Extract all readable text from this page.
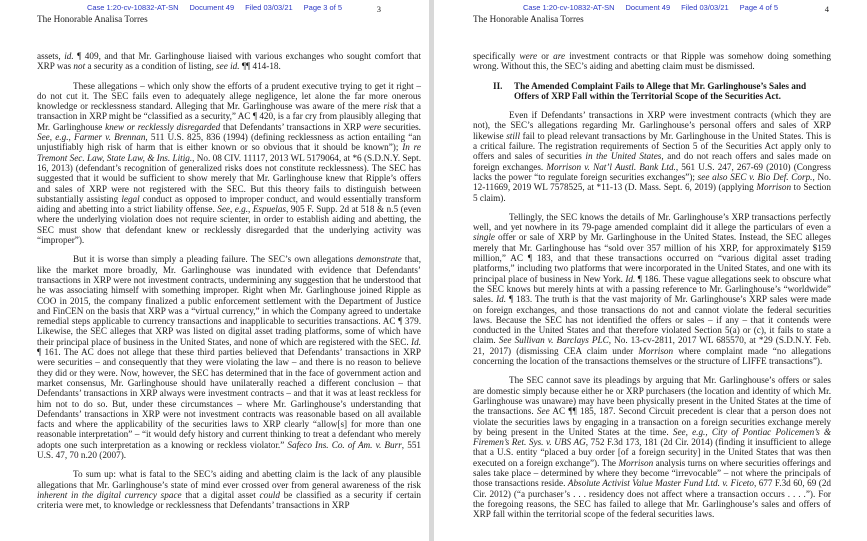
Case 1:20-cv-10832-AT-SN Document 49 Filed 03/03/21 Page 3 of 5	3
The Honorable Analisa Torres
assets, id. ¶ 409, and that Mr. Garlinghouse liaised with various exchanges who sought comfort that XRP was not a security as a condition of listing, see id. ¶¶ 414-18.
These allegations – which only show the efforts of a prudent executive trying to get it right – do not cut it. The SEC fails even to adequately allege negligence, let alone the far more onerous knowledge or recklessness standard. Alleging that Mr. Garlinghouse was aware of the mere risk that a transaction in XRP might be “classified as a security,” AC ¶ 420, is a far cry from plausibly alleging that Mr. Garlinghouse knew or recklessly disregarded that Defendants’ transactions in XRP were securities. See, e.g., Farmer v. Brennan, 511 U.S. 825, 836 (1994) (defining recklessness as action entailing “an unjustifiably high risk of harm that is either known or so obvious that it should be known”); In re Tremont Sec. Law, State Law, & Ins. Litig., No. 08 CIV. 11117, 2013 WL 5179064, at *6 (S.D.N.Y. Sept. 16, 2013) (defendant’s recognition of generalized risks does not constitute recklessness). The SEC has suggested that it would be sufficient to show merely that Mr. Garlinghouse knew that Ripple’s offers and sales of XRP were not registered with the SEC. But this theory fails to distinguish between substantially assisting legal conduct as opposed to improper conduct, and would essentially transform aiding and abetting into a strict liability offense. See, e.g., Espuelas, 905 F. Supp. 2d at 518 & n.5 (even where the underlying violation does not require scienter, in order to establish aiding and abetting, the SEC must show that defendant knew or recklessly disregarded that the underlying activity was “improper”).
But it is worse than simply a pleading failure. The SEC’s own allegations demonstrate that, like the market more broadly, Mr. Garlinghouse was inundated with evidence that Defendants’ transactions in XRP were not investment contracts, undermining any suggestion that he understood that he was associating himself with something improper. Right when Mr. Garlinghouse joined Ripple as COO in 2015, the company finalized a public enforcement settlement with the Department of Justice and FinCEN on the basis that XRP was a “virtual currency,” in which the Company agreed to undertake remedial steps applicable to currency transactions and inapplicable to securities transactions. AC ¶ 379. Likewise, the SEC alleges that XRP was listed on digital asset trading platforms, some of which have their principal place of business in the United States, and none of which are registered with the SEC. Id. ¶ 161. The AC does not allege that these third parties believed that Defendants’ transactions in XRP were securities – and consequently that they were violating the law – and there is no reason to believe they did or they were. Now, however, the SEC has determined that in the face of government action and market consensus, Mr. Garlinghouse should have unilaterally reached a different conclusion – that Defendants’ transactions in XRP always were investment contracts – and that it was at least reckless for him not to do so. But, under these circumstances – where Mr. Garlinghouse’s understanding that Defendants’ transactions in XRP were not investment contracts was reasonable based on all available facts and where the applicability of the securities laws to XRP clearly “allow[s] for more than one reasonable interpretation” – “it would defy history and current thinking to treat a defendant who merely adopts one such interpretation as a knowing or reckless violator.” Safeco Ins. Co. of Am. v. Burr, 551 U.S. 47, 70 n.20 (2007).
To sum up: what is fatal to the SEC’s aiding and abetting claim is the lack of any plausible allegations that Mr. Garlinghouse’s state of mind ever crossed over from general awareness of the risk inherent in the digital currency space that a digital asset could be classified as a security if certain criteria were met, to knowledge or recklessness that Defendants’ transactions in XRP
Case 1:20-cv-10832-AT-SN Document 49 Filed 03/03/21 Page 4 of 5	4
The Honorable Analisa Torres
specifically were or are investment contracts or that Ripple was somehow doing something wrong. Without this, the SEC’s aiding and abetting claim must be dismissed.
II. The Amended Complaint Fails to Allege that Mr. Garlinghouse’s Sales and Offers of XRP Fall within the Territorial Scope of the Securities Act.
Even if Defendants’ transactions in XRP were investment contracts (which they are not), the SEC’s allegations regarding Mr. Garlinghouse’s personal offers and sales of XRP likewise still fail to plead relevant transactions by Mr. Garlinghouse in the United States. This is a critical failure. The registration requirements of Section 5 of the Securities Act apply only to offers and sales of securities in the United States, and do not reach offers and sales made on foreign exchanges. Morrison v. Nat’l Austl. Bank Ltd., 561 U.S. 247, 267-69 (2010) (Congress lacks the power “to regulate foreign securities exchanges”); see also SEC v. Bio Def. Corp., No. 12-11669, 2019 WL 7578525, at *11-13 (D. Mass. Sept. 6, 2019) (applying Morrison to Section 5 claim).
Tellingly, the SEC knows the details of Mr. Garlinghouse’s XRP transactions perfectly well, and yet nowhere in its 79-page amended complaint did it allege the particulars of even a single offer or sale of XRP by Mr. Garlinghouse in the United States. Instead, the SEC alleges merely that Mr. Garlinghouse has “sold over 357 million of his XRP, for approximately $159 million,” AC ¶ 183, and that these transactions occurred on “various digital asset trading platforms,” including two platforms that were incorporated in the United States, and one with its principal place of business in New York. Id. ¶ 186. These vague allegations seek to obscure what the SEC knows but merely hints at with a passing reference to Mr. Garlinghouse’s “worldwide” sales. Id. ¶ 183. The truth is that the vast majority of Mr. Garlinghouse’s XRP sales were made on foreign exchanges, and those transactions do not and cannot violate the federal securities laws. Because the SEC has not identified the offers or sales – if any – that it contends were conducted in the United States and that therefore violated Section 5(a) or (c), it fails to state a claim. See Sullivan v. Barclays PLC, No. 13-cv-2811, 2017 WL 685570, at *29 (S.D.N.Y. Feb. 21, 2017) (dismissing CEA claim under Morrison where complaint made “no allegations concerning the location of the transactions themselves or the structure of LIFFE transactions”).
The SEC cannot save its pleadings by arguing that Mr. Garlinghouse’s offers or sales are domestic simply because either he or XRP purchasers (the location and identity of which Mr. Garlinghouse was unaware) may have been physically present in the United States at the time of the transactions. See AC ¶¶ 185, 187. Second Circuit precedent is clear that a person does not violate the securities laws by engaging in a transaction on a foreign securities exchange merely by being present in the United States at the time. See, e.g., City of Pontiac Policemen’s & Firemen’s Ret. Sys. v. UBS AG, 752 F.3d 173, 181 (2d Cir. 2014) (finding it insufficient to allege that a U.S. entity “placed a buy order [of a foreign security] in the United States that was then executed on a foreign exchange”). The Morrison analysis turns on where securities offerings and sales take place – determined by where they become “irrevocable” – not where the principals of those transactions reside. Absolute Activist Value Master Fund Ltd. v. Ficeto, 677 F.3d 60, 69 (2d Cir. 2012) (“a purchaser’s . . . residency does not affect where a transaction occurs . . . .”). For the foregoing reasons, the SEC has failed to allege that Mr. Garlinghouse’s sales and offers of XRP fall within the territorial scope of the federal securities laws.
